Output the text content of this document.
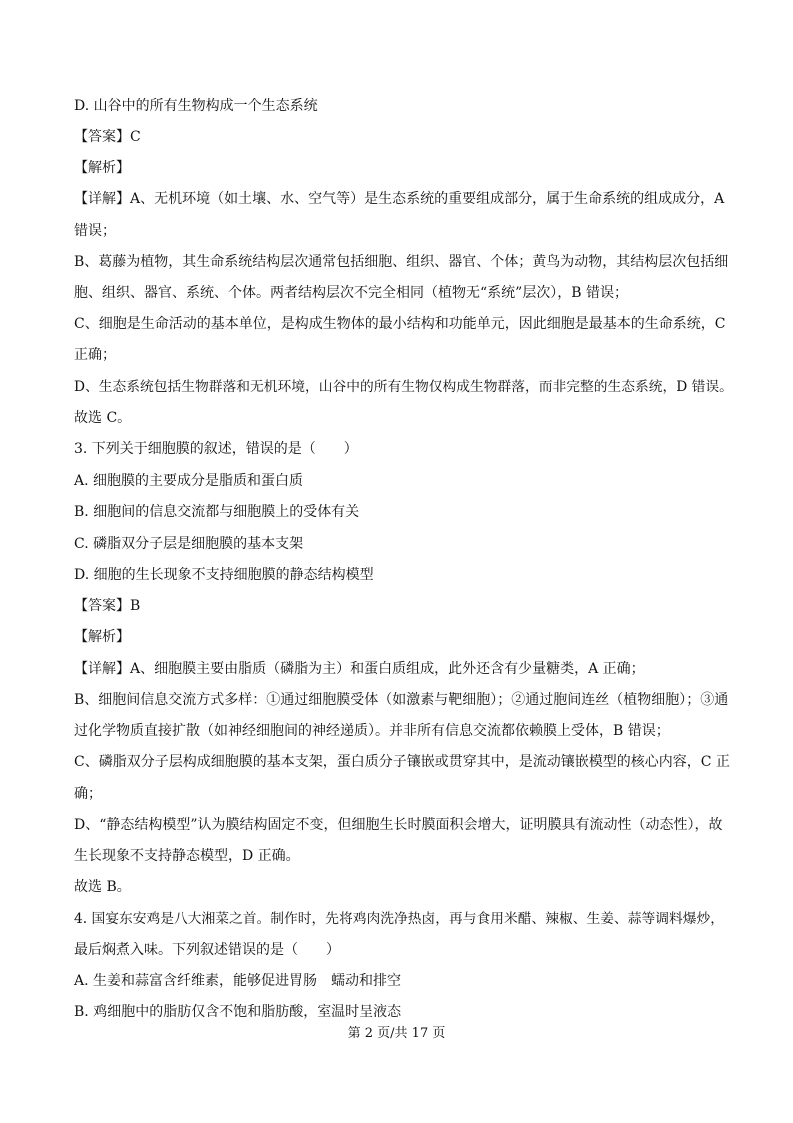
D. 山谷中的所有生物构成一个生态系统
【答案】C
【解析】
【详解】A、无机环境（如土壤、水、空气等）是生态系统的重要组成部分，属于生命系统的组成成分，A
错误；
B、葛藤为植物，其生命系统结构层次通常包括细胞、组织、器官、个体；黄鸟为动物，其结构层次包括细
胞、组织、器官、系统、个体。两者结构层次不完全相同（植物无“系统”层次），B 错误；
C、细胞是生命活动的基本单位，是构成生物体的最小结构和功能单元，因此细胞是最基本的生命系统，C
正确；
D、生态系统包括生物群落和无机环境，山谷中的所有生物仅构成生物群落，而非完整的生态系统，D 错误。
故选 C。
3. 下列关于细胞膜的叙述，错误的是（　　）
A. 细胞膜的主要成分是脂质和蛋白质
B. 细胞间的信息交流都与细胞膜上的受体有关
C. 磷脂双分子层是细胞膜的基本支架
D. 细胞的生长现象不支持细胞膜的静态结构模型
【答案】B
【解析】
【详解】A、细胞膜主要由脂质（磷脂为主）和蛋白质组成，此外还含有少量糖类，A 正确；
B、细胞间信息交流方式多样：①通过细胞膜受体（如激素与靶细胞）；②通过胞间连丝（植物细胞）；③通
过化学物质直接扩散（如神经细胞间的神经递质）。并非所有信息交流都依赖膜上受体，B 错误；
C、磷脂双分子层构成细胞膜的基本支架，蛋白质分子镶嵌或贯穿其中，是流动镶嵌模型的核心内容，C 正
确；
D、“静态结构模型”认为膜结构固定不变，但细胞生长时膜面积会增大，证明膜具有流动性（动态性），故
生长现象不支持静态模型，D 正确。
故选 B。
4. 国宴东安鸡是八大湘菜之首。制作时，先将鸡肉洗净热卤，再与食用米醋、辣椒、生姜、蒜等调料爆炒，
最后焖煮入味。下列叙述错误的是（　　）
A. 生姜和蒜富含纤维素，能够促进胃肠　蠕动和排空
B. 鸡细胞中的脂肪仅含不饱和脂肪酸，室温时呈液态
第 2 页/共 17 页
